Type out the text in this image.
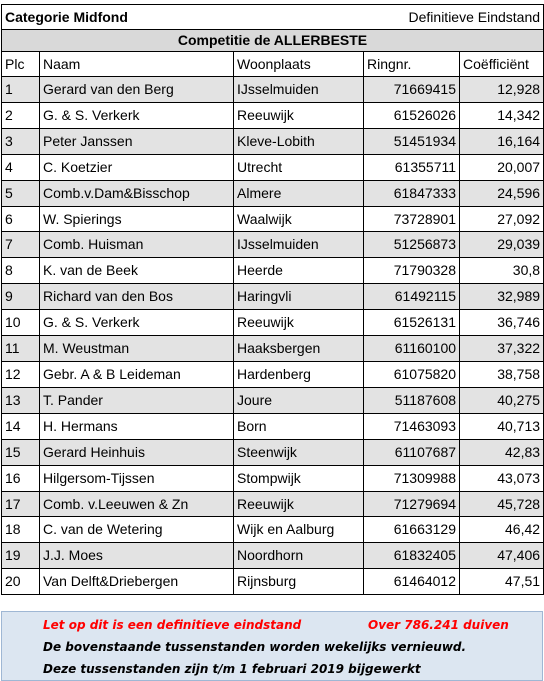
Categorie Midfond		Definitieve Eindstand		
Competitie de ALLERBESTE				
Plc	Naam	Woonplaats	Ringnr.	Coëfficiënt
1	Gerard van den Berg	IJsselmuiden	71669415	12,928
2	G. & S. Verkerk	Reeuwijk	61526026	14,342
3	Peter Janssen	Kleve-Lobith	51451934	16,164
4	C. Koetzier	Utrecht	61355711	20,007
5	Comb.v.Dam&Bisschop	Almere	61847333	24,596
6	W. Spierings	Waalwijk	73728901	27,092
7	Comb. Huisman	IJsselmuiden	51256873	29,039
8	K. van de Beek	Heerde	71790328	30,8
9	Richard van den Bos	Haringvli	61492115	32,989
10	G. & S. Verkerk	Reeuwijk	61526131	36,746
11	M. Weustman	Haaksbergen	61160100	37,322
12	Gebr. A & B Leideman	Hardenberg	61075820	38,758
13	T. Pander	Joure	51187608	40,275
14	H. Hermans	Born	71463093	40,713
15	Gerard Heinhuis	Steenwijk	61107687	42,83
16	Hilgersom-Tijssen	Stompwijk	71309988	43,073
17	Comb. v.Leeuwen & Zn	Reeuwijk	71279694	45,728
18	C. van de Wetering	Wijk en Aalburg	61663129	46,42
19	J.J. Moes	Noordhorn	61832405	47,406
20	Van Delft&Driebergen	Rijnsburg	61464012	47,51
Let op dit is een definitieve eindstand	Over 786.241 duiven
De bovenstaande tussenstanden worden wekelijks vernieuwd.
Deze tussenstanden zijn t/m 1 februari 2019 bijgewerkt
